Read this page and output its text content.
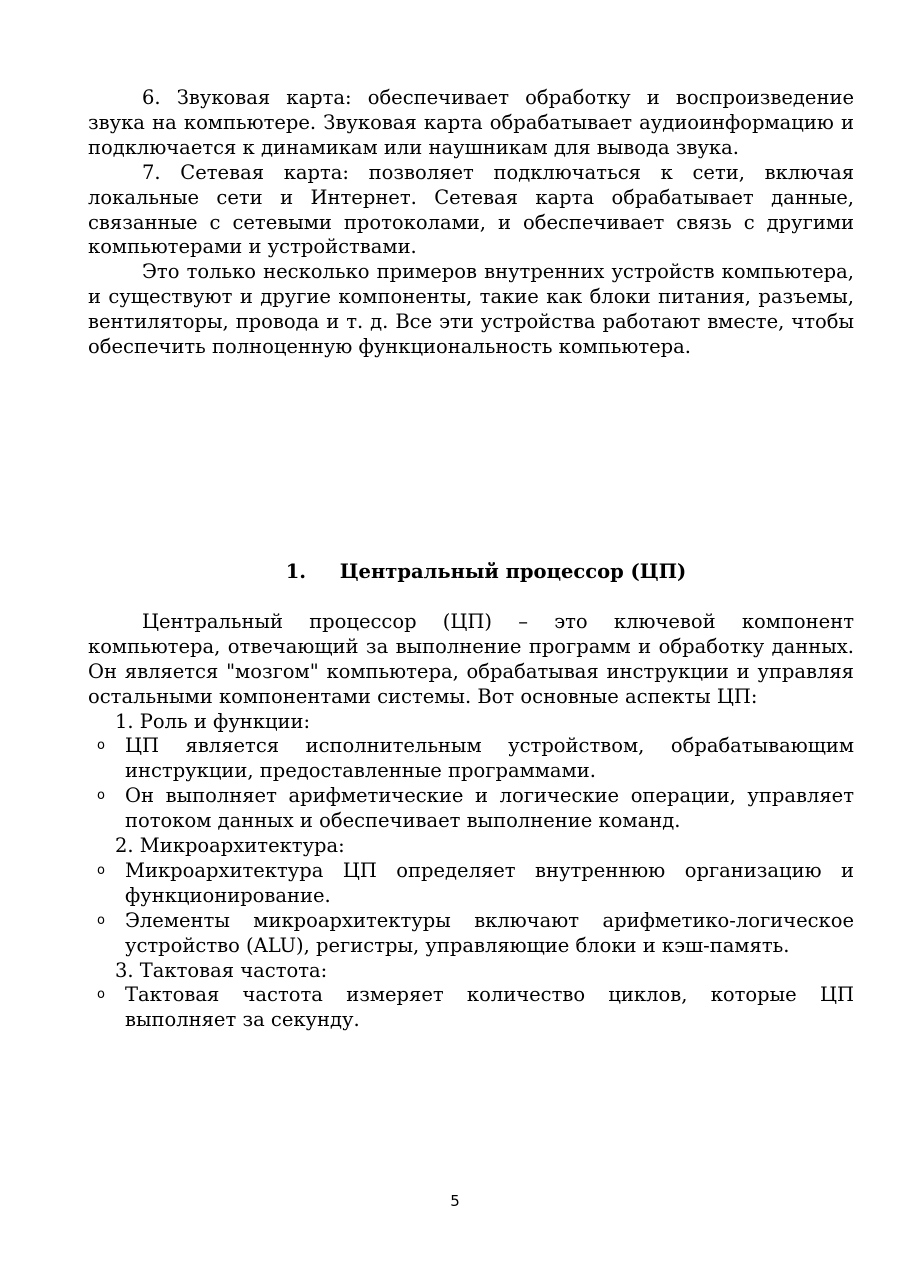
6. Звуковая карта: обеспечивает обработку и воспроизведение звука на компьютере. Звуковая карта обрабатывает аудиоинформацию и подключается к динамикам или наушникам для вывода звука.

7. Сетевая карта: позволяет подключаться к сети, включая локальные сети и Интернет. Сетевая карта обрабатывает данные, связанные с сетевыми протоколами, и обеспечивает связь с другими компьютерами и устройствами.

Это только несколько примеров внутренних устройств компьютера, и существуют и другие компоненты, такие как блоки питания, разъемы, вентиляторы, провода и т. д. Все эти устройства работают вместе, чтобы обеспечить полноценную функциональность компьютера.

1. Центральный процессор (ЦП)

Центральный процессор (ЦП) – это ключевой компонент компьютера, отвечающий за выполнение программ и обработку данных. Он является "мозгом" компьютера, обрабатывая инструкции и управляя остальными компонентами системы. Вот основные аспекты ЦП:

1. Роль и функции:

o ЦП является исполнительным устройством, обрабатывающим инструкции, предоставленные программами.
o Он выполняет арифметические и логические операции, управляет потоком данных и обеспечивает выполнение команд.

2. Микроархитектура:

o Микроархитектура ЦП определяет внутреннюю организацию и функционирование.
o Элементы микроархитектуры включают арифметико-логическое устройство (ALU), регистры, управляющие блоки и кэш-память.

3. Тактовая частота:

o Тактовая частота измеряет количество циклов, которые ЦП выполняет за секунду.
5
